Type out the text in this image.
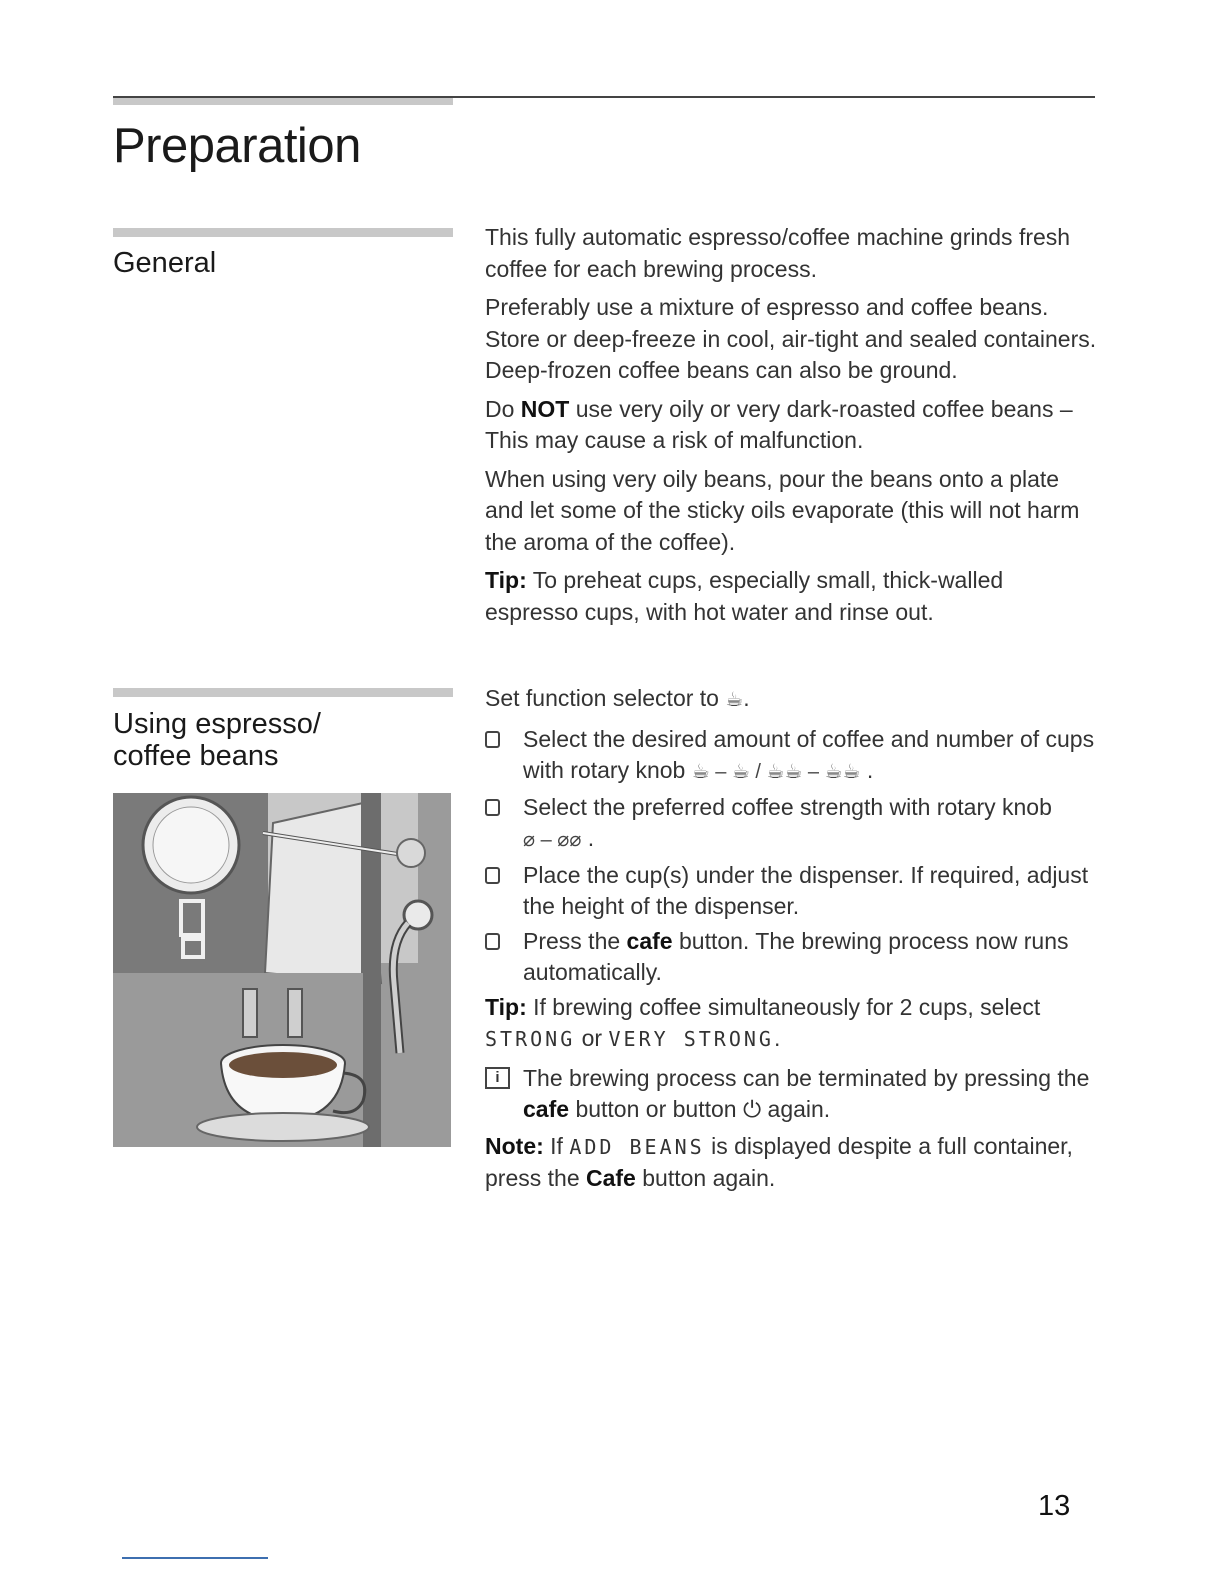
Preparation
General

This fully automatic espresso/coffee machine grinds fresh coffee for each brewing process.

Preferably use a mixture of espresso and coffee beans. Store or deep-freeze in cool, air-tight and sealed containers. Deep-frozen coffee beans can also be ground.

Do NOT use very oily or very dark-roasted coffee beans – This may cause a risk of malfunction.

When using very oily beans, pour the beans onto a plate and let some of the sticky oils evaporate (this will not harm the aroma of the coffee).

Tip: To preheat cups, especially small, thick-walled espresso cups, with hot water and rinse out.

Using espresso/
coffee beans

Set function selector to ☕.

Select the desired amount of coffee and number of cups with rotary knob ☕ – ☕ / ☕☕ – ☕☕ .
Select the preferred coffee strength with rotary knob ⌀ – ⌀⌀ .
Place the cup(s) under the dispenser. If required, adjust the height of the dispenser.
Press the cafe button. The brewing process now runs automatically.

Tip: If brewing coffee simultaneously for 2 cups, select STRONG or VERY STRONG.

i	The brewing process can be terminated by pressing the cafe button or button ⏻ again.

Note: If ADD BEANS is displayed despite a full container, press the Cafe button again.

13
